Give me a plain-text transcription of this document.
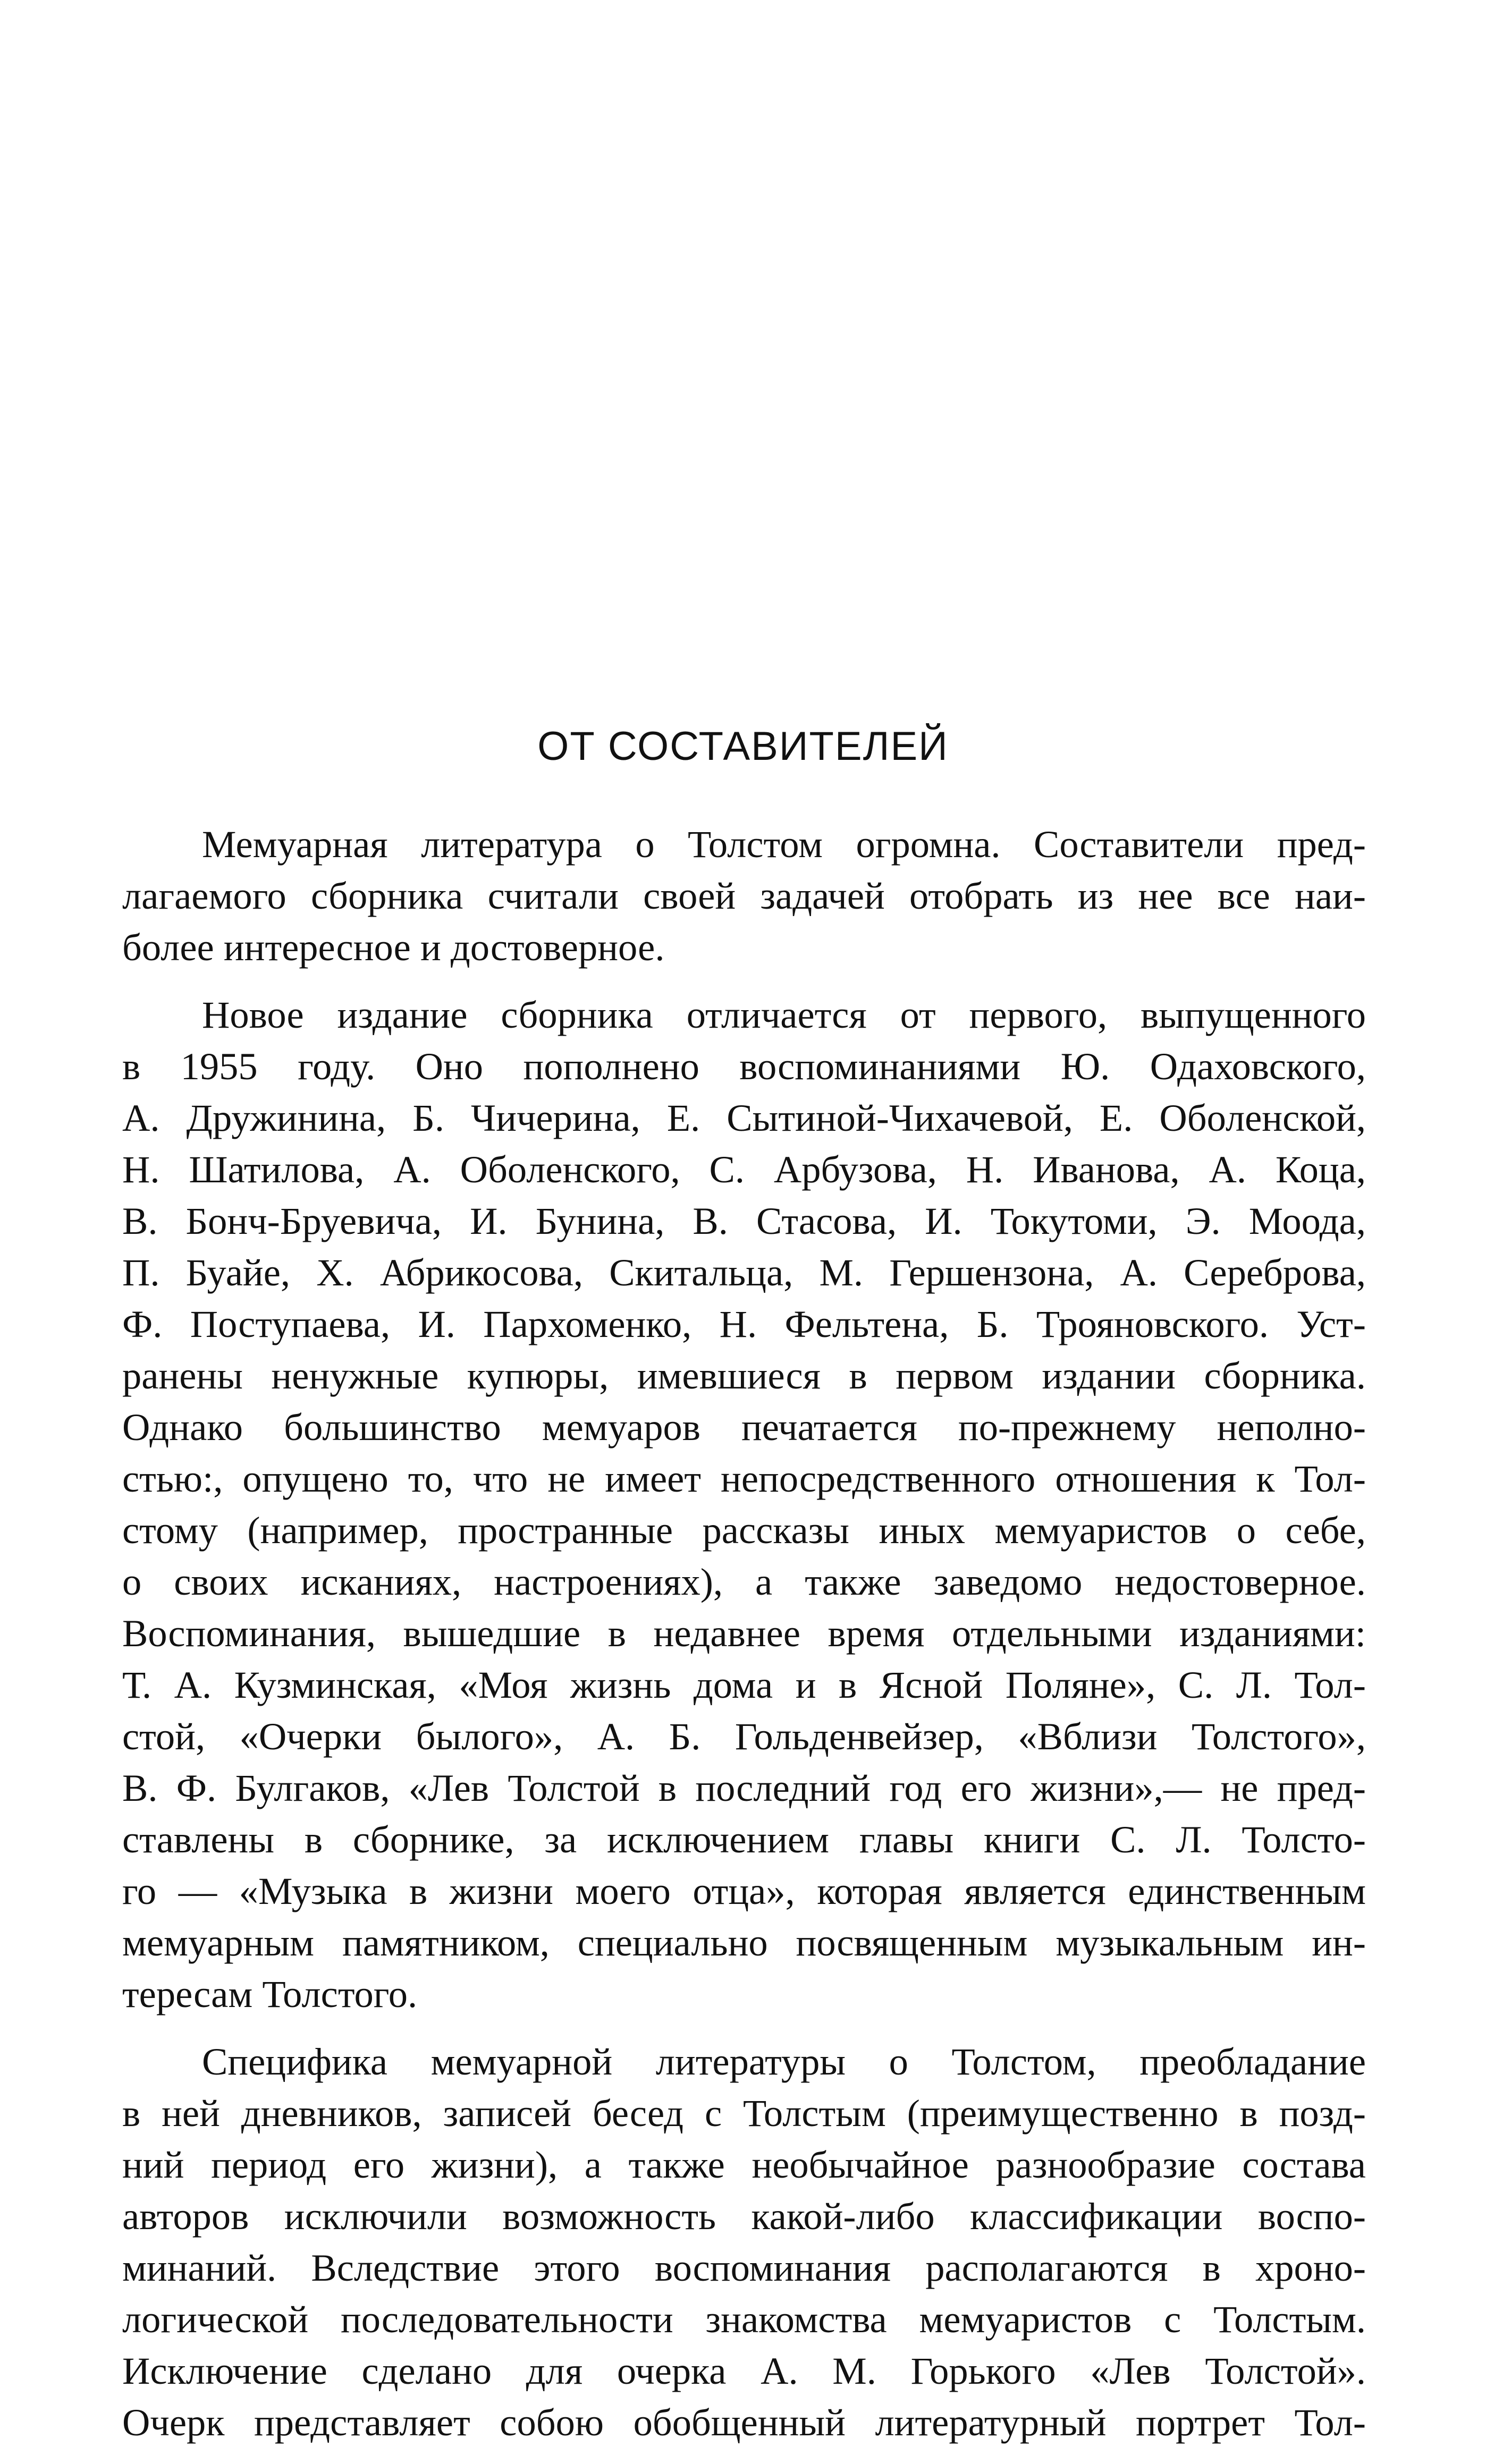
ОТ СОСТАВИТЕЛЕЙ
Мемуарная литература о Толстом огромна. Составители пред-
лагаемого сборника считали своей задачей отобрать из нее все наи-
более интересное и достоверное.
Новое издание сборника отличается от первого, выпущенного
в 1955 году. Оно пополнено воспоминаниями Ю. Одаховского,
А. Дружинина, Б. Чичерина, Е. Сытиной-Чихачевой, Е. Оболенской,
Н. Шатилова, А. Оболенского, С. Арбузова, Н. Иванова, А. Коца,
В. Бонч-Бруевича, И. Бунина, В. Стасова, И. Токутоми, Э. Моода,
П. Буайе, Х. Абрикосова, Скитальца, М. Гершензона, А. Сереброва,
Ф. Поступаева, И. Пархоменко, Н. Фельтена, Б. Трояновского. Уст-
ранены ненужные купюры, имевшиеся в первом издании сборника.
Однако большинство мемуаров печатается по-прежнему неполно-
стью:, опущено то, что не имеет непосредственного отношения к Тол-
стому (например, пространные рассказы иных мемуаристов о себе,
о своих исканиях, настроениях), а также заведомо недостоверное.
Воспоминания, вышедшие в недавнее время отдельными изданиями:
Т. А. Кузминская, «Моя жизнь дома и в Ясной Поляне», С. Л. Тол-
стой, «Очерки былого», А. Б. Гольденвейзер, «Вблизи Толстого»,
В. Ф. Булгаков, «Лев Толстой в последний год его жизни»,— не пред-
ставлены в сборнике, за исключением главы книги С. Л. Толсто-
го — «Музыка в жизни моего отца», которая является единственным
мемуарным памятником, специально посвященным музыкальным ин-
тересам Толстого.
Специфика мемуарной литературы о Толстом, преобладание
в ней дневников, записей бесед с Толстым (преимущественно в позд-
ний период его жизни), а также необычайное разнообразие состава
авторов исключили возможность какой-либо классификации воспо-
минаний. Вследствие этого воспоминания располагаются в хроно-
логической последовательности знакомства мемуаристов с Толстым.
Исключение сделано для очерка А. М. Горького «Лев Толстой».
Очерк представляет собою обобщенный литературный портрет Тол-
